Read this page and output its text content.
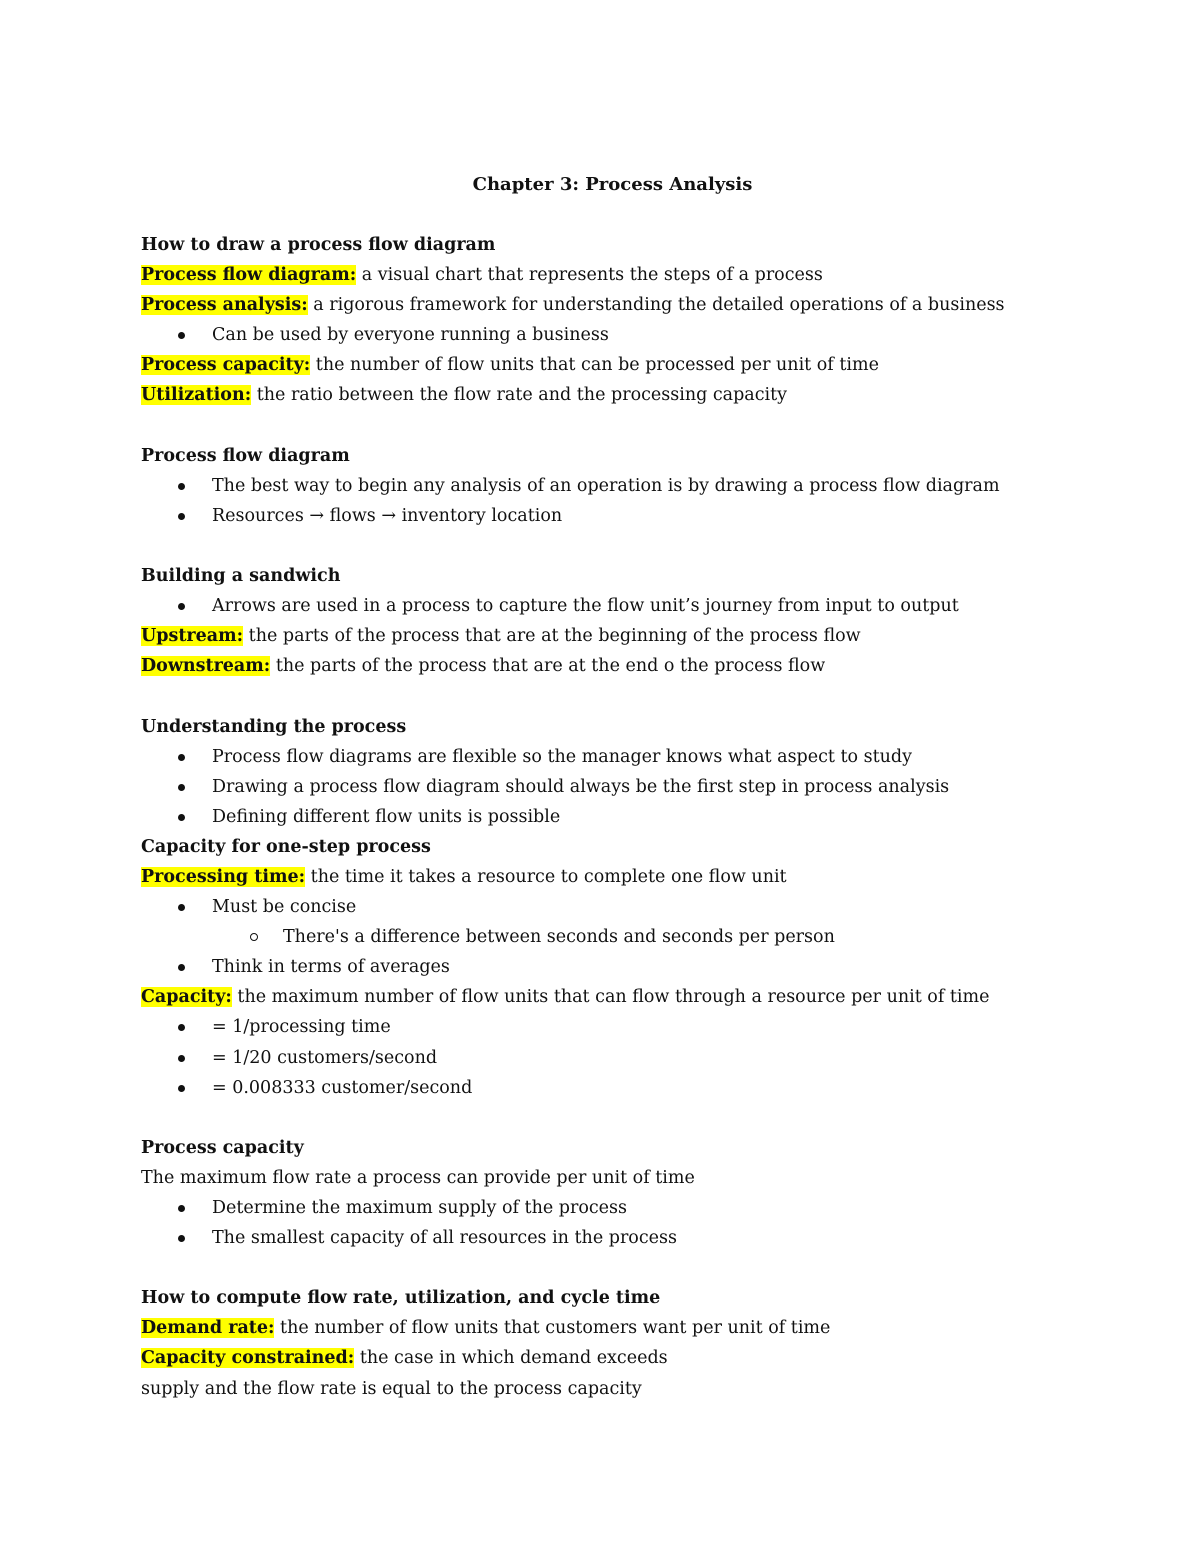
Chapter 3: Process Analysis
How to draw a process flow diagram
Process flow diagram: a visual chart that represents the steps of a process
Process analysis: a rigorous framework for understanding the detailed operations of a business
Can be used by everyone running a business
Process capacity: the number of flow units that can be processed per unit of time
Utilization: the ratio between the flow rate and the processing capacity
Process flow diagram
The best way to begin any analysis of an operation is by drawing a process flow diagram
Resources → flows → inventory location
Building a sandwich
Arrows are used in a process to capture the flow unit’s journey from input to output
Upstream: the parts of the process that are at the beginning of the process flow
Downstream: the parts of the process that are at the end o the process flow
Understanding the process
Process flow diagrams are flexible so the manager knows what aspect to study
Drawing a process flow diagram should always be the first step in process analysis
Defining different flow units is possible
Capacity for one-step process
Processing time: the time it takes a resource to complete one flow unit
Must be concise
There's a difference between seconds and seconds per person
Think in terms of averages
Capacity: the maximum number of flow units that can flow through a resource per unit of time
= 1/processing time
= 1/20 customers/second
= 0.008333 customer/second
Process capacity
The maximum flow rate a process can provide per unit of time
Determine the maximum supply of the process
The smallest capacity of all resources in the process
How to compute flow rate, utilization, and cycle time
Demand rate: the number of flow units that customers want per unit of time
Capacity constrained: the case in which demand exceeds
supply and the flow rate is equal to the process capacity
